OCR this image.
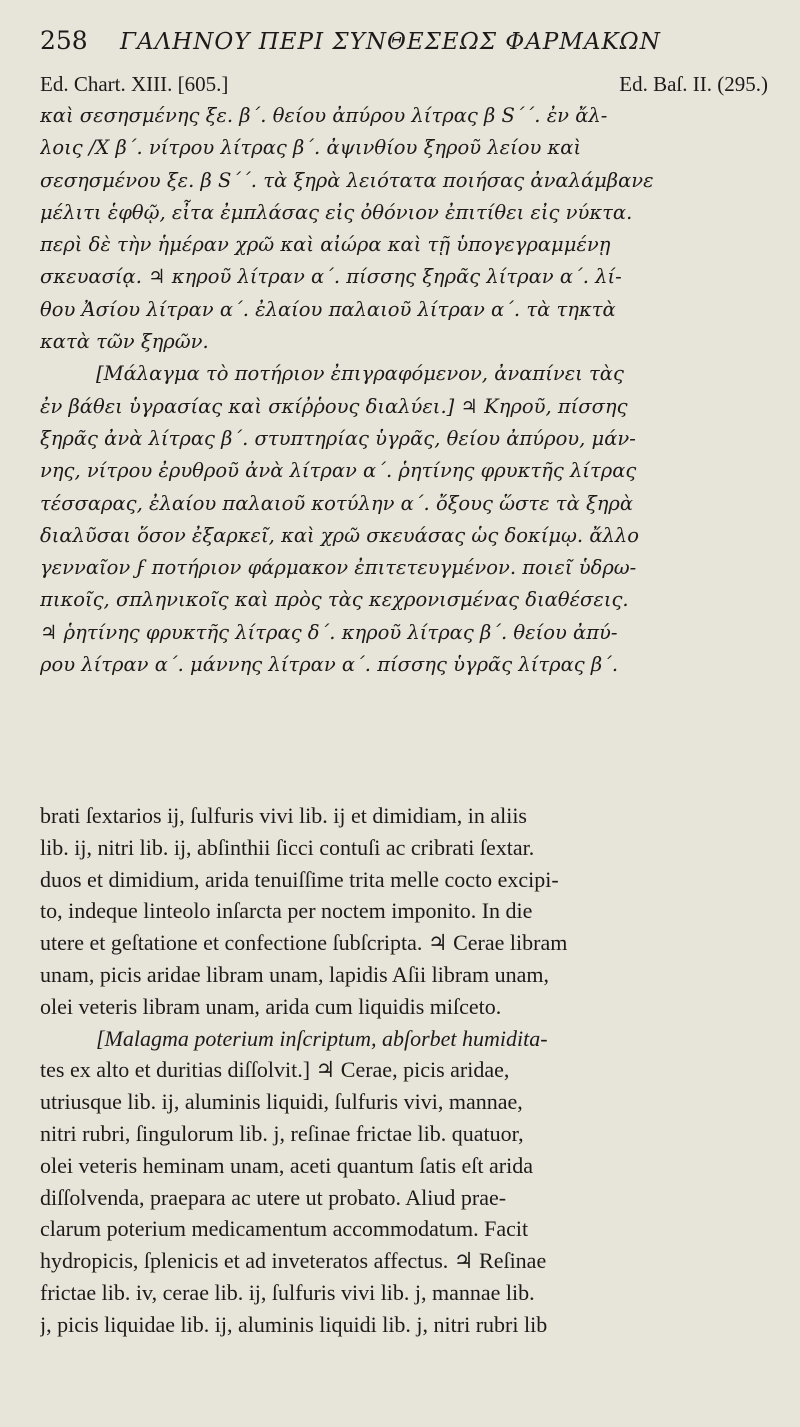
258	ΓΑΛΗΝΟΥ ΠΕΡΙ ΣΥΝΘΕΣΕΩΣ ΦΑΡΜΑΚΩΝ
Ed. Chart. XIII. [605.]	Ed. Baſ. II. (295.)
καὶ σεσησμένης ξε. β΄. θείου ἀπύρου λίτρας β S΄΄. ἐν ἄλ-
λοις /X β΄. νίτρου λίτρας β΄. ἀψινθίου ξηροῦ λείου καὶ
σεσησμένου ξε. β S΄΄. τὰ ξηρὰ λειότατα ποιήσας ἀναλάμβανε
μέλιτι ἑφθῷ, εἶτα ἐμπλάσας εἰς ὀθόνιον ἐπιτίθει εἰς νύκτα.
περὶ δὲ τὴν ἡμέραν χρῶ καὶ αἰώρα καὶ τῇ ὑπογεγραμμένῃ
σκευασίᾳ. ♃ κηροῦ λίτραν α΄. πίσσης ξηρᾶς λίτραν α΄. λί-
θου Ἀσίου λίτραν α΄. ἐλαίου παλαιοῦ λίτραν α΄. τὰ τηκτὰ
κατὰ τῶν ξηρῶν.
[Μάλαγμα τὸ ποτήριον ἐπιγραφόμενον, ἀναπίνει τὰς
ἐν βάθει ὑγρασίας καὶ σκίῤῥους διαλύει.] ♃ Κηροῦ, πίσσης
ξηρᾶς ἀνὰ λίτρας β΄. στυπτηρίας ὑγρᾶς, θείου ἀπύρου, μάν-
νης, νίτρου ἐρυθροῦ ἀνὰ λίτραν α΄. ῥητίνης φρυκτῆς λίτρας
τέσσαρας, ἐλαίου παλαιοῦ κοτύλην α΄. ὄξους ὥστε τὰ ξηρὰ
διαλῦσαι ὅσον ἐξαρκεῖ, καὶ χρῶ σκευάσας ὡς δοκίμῳ. ἄλλο
γενναῖον ϝ ποτήριον φάρμακον ἐπιτετευγμένον. ποιεῖ ὑδρω-
πικοῖς, σπληνικοῖς καὶ πρὸς τὰς κεχρονισμένας διαθέσεις.
♃ ῥητίνης φρυκτῆς λίτρας δ΄. κηροῦ λίτρας β΄. θείου ἀπύ-
ρου λίτραν α΄. μάννης λίτραν α΄. πίσσης ὑγρᾶς λίτρας β΄.
brati ſextarios ij, ſulfuris vivi lib. ij et dimidiam, in aliis
lib. ij, nitri lib. ij, abſinthii ſicci contuſi ac cribrati ſextar.
duos et dimidium, arida tenuiſſime trita melle cocto excipi-
to, indeque linteolo inſarcta per noctem imponito. In die
utere et geſtatione et confectione ſubſcripta. ♃ Cerae libram
unam, picis aridae libram unam, lapidis Aſii libram unam,
olei veteris libram unam, arida cum liquidis miſceto.
[Malagma poterium inſcriptum, abſorbet humidita-
tes ex alto et duritias diſſolvit.] ♃ Cerae, picis aridae,
utriusque lib. ij, aluminis liquidi, ſulfuris vivi, mannae,
nitri rubri, ſingulorum lib. j, reſinae frictae lib. quatuor,
olei veteris heminam unam, aceti quantum ſatis eſt arida
diſſolvenda, praepara ac utere ut probato. Aliud prae-
clarum poterium medicamentum accommodatum. Facit
hydropicis, ſplenicis et ad inveteratos affectus. ♃ Reſinae
frictae lib. iv, cerae lib. ij, ſulfuris vivi lib. j, mannae lib.
j, picis liquidae lib. ij, aluminis liquidi lib. j, nitri rubri lib
